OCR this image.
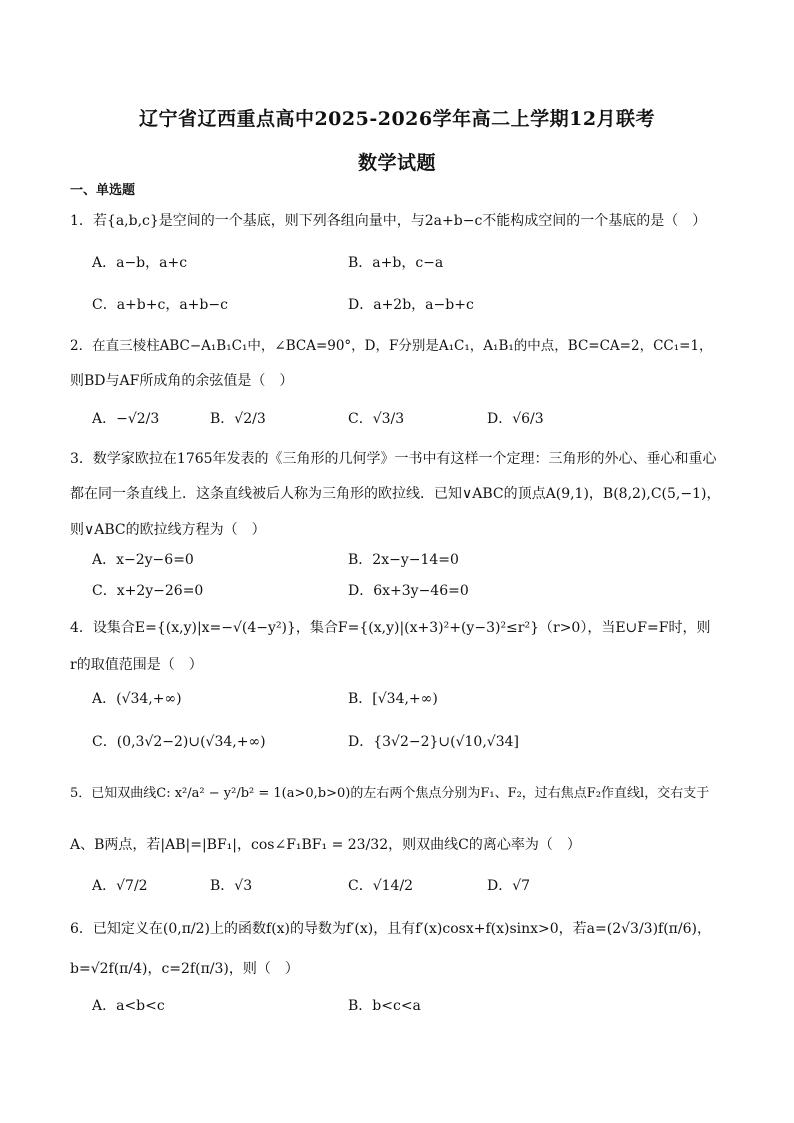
辽宁省辽西重点高中2025-2026学年高二上学期12月联考
数学试题
一、单选题
1．若{a,b,c}是空间的一个基底，则下列各组向量中，与2a+b−c不能构成空间的一个基底的是（　）
A．a−b，a+c	B．a+b，c−a
C．a+b+c，a+b−c	D．a+2b，a−b+c
2．在直三棱柱ABC−A₁B₁C₁中，∠BCA=90°，D，F分别是A₁C₁，A₁B₁的中点，BC=CA=2，CC₁=1，
则BD与AF所成角的余弦值是（　）
A．−√2/3	B．√2/3	C．√3/3	D．√6/3
3．数学家欧拉在1765年发表的《三角形的几何学》一书中有这样一个定理：三角形的外心、垂心和重心
都在同一条直线上．这条直线被后人称为三角形的欧拉线．已知∨ABC的顶点A(9,1)，B(8,2),C(5,−1)，
则∨ABC的欧拉线方程为（　）
A．x−2y−6=0	B．2x−y−14=0
C．x+2y−26=0	D．6x+3y−46=0
4．设集合E={(x,y)|x=−√(4−y²)}，集合F={(x,y)|(x+3)²+(y−3)²≤r²}（r>0），当E∪F=F时，则
r的取值范围是（　）
A．(√34,+∞)	B．[√34,+∞)
C．(0,3√2−2)∪(√34,+∞)	D．{3√2−2}∪(√10,√34]
5．已知双曲线C: x²/a² − y²/b² = 1(a>0,b>0)的左右两个焦点分别为F₁、F₂，过右焦点F₂作直线l，交右支于
A、B两点，若|AB|=|BF₁|，cos∠F₁BF₁ = 23/32，则双曲线C的离心率为（　）
A．√7/2	B．√3	C．√14/2	D．√7
6．已知定义在(0,π/2)上的函数f(x)的导数为f′(x)，且有f′(x)cosx+f(x)sinx>0，若a=(2√3/3)f(π/6)，
b=√2f(π/4)，c=2f(π/3)，则（　）
A．a<b<c	B．b<c<a
